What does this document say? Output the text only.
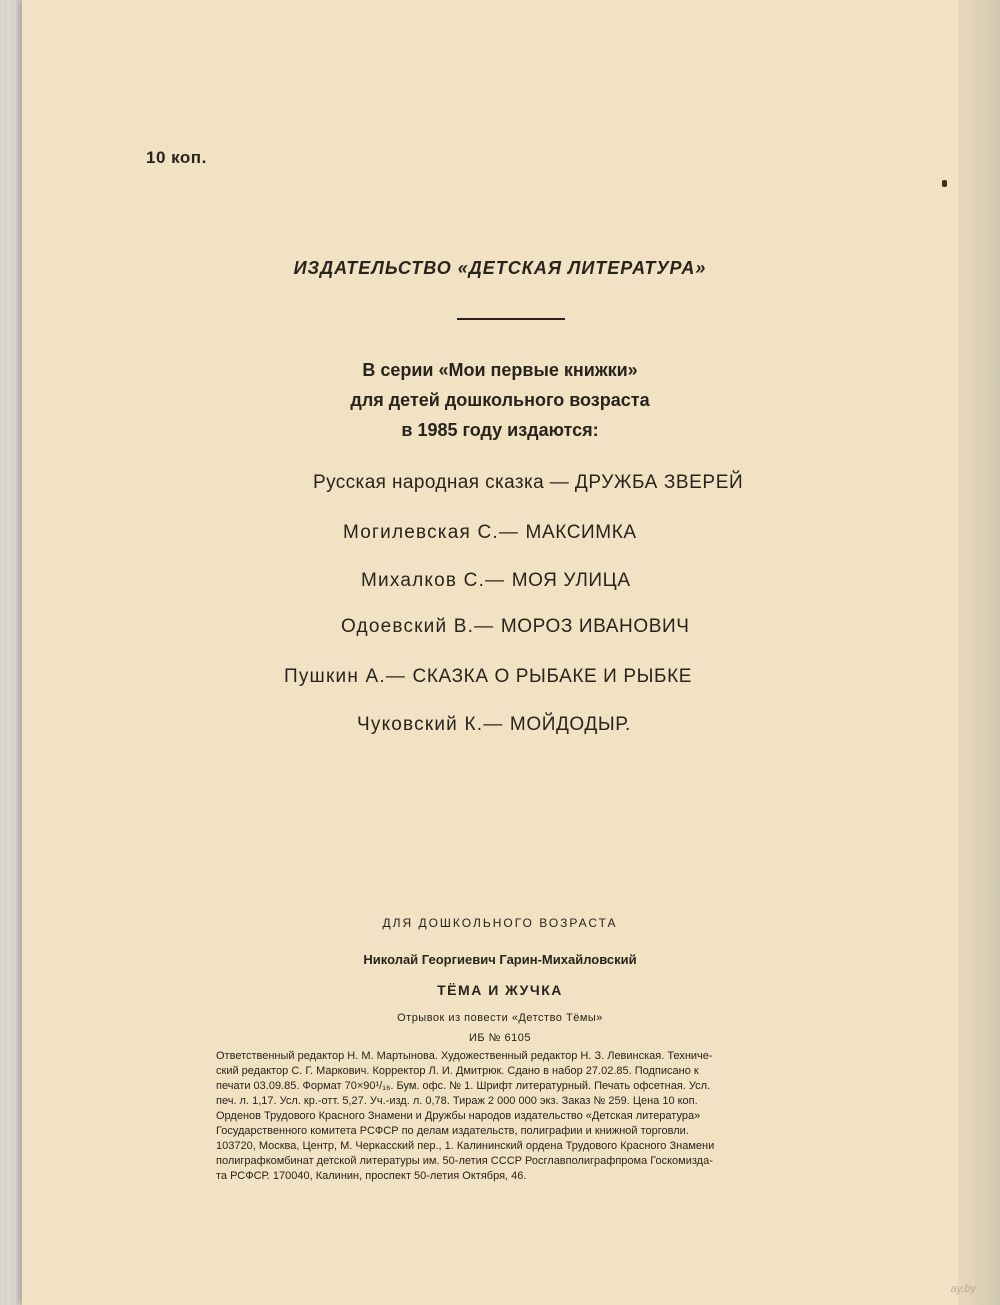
10 коп.
ИЗДАТЕЛЬСТВО «ДЕТСКАЯ ЛИТЕРАТУРА»
В серии «Мои первые книжки»
для детей дошкольного возраста
в 1985 году издаются:
Русская народная сказка — ДРУЖБА ЗВЕРЕЙ
Могилевская С.— МАКСИМКА
Михалков С.— МОЯ УЛИЦА
Одоевский В.— МОРОЗ ИВАНОВИЧ
Пушкин А.— СКАЗКА О РЫБАКЕ И РЫБКЕ
Чуковский К.— МОЙДОДЫР.
ДЛЯ ДОШКОЛЬНОГО ВОЗРАСТА
Николай Георгиевич Гарин-Михайловский
ТЁМА И ЖУЧКА
Отрывок из повести «Детство Тёмы»
ИБ № 6105
Ответственный редактор Н. М. Мартынова. Художественный редактор Н. З. Левинская. Техниче-
ский редактор С. Г. Маркович. Корректор Л. И. Дмитрюк. Сдано в набор 27.02.85. Подписано к
печати 03.09.85. Формат 70×90¹/₁₆. Бум. офс. № 1. Шрифт литературный. Печать офсетная. Усл.
печ. л. 1,17. Усл. кр.-отт. 5,27. Уч.-изд. л. 0,78. Тираж 2 000 000 экз. Заказ № 259. Цена 10 коп.
Орденов Трудового Красного Знамени и Дружбы народов издательство «Детская литература»
Государственного комитета РСФСР по делам издательств, полиграфии и книжной торговли.
103720, Москва, Центр, М. Черкасский пер., 1. Калининский ордена Трудового Красного Знамени
полиграфкомбинат детской литературы им. 50-летия СССР Росглавполиграфпрома Госкомизда-
та РСФСР. 170040, Калинин, проспект 50-летия Октября, 46.
ay.by
